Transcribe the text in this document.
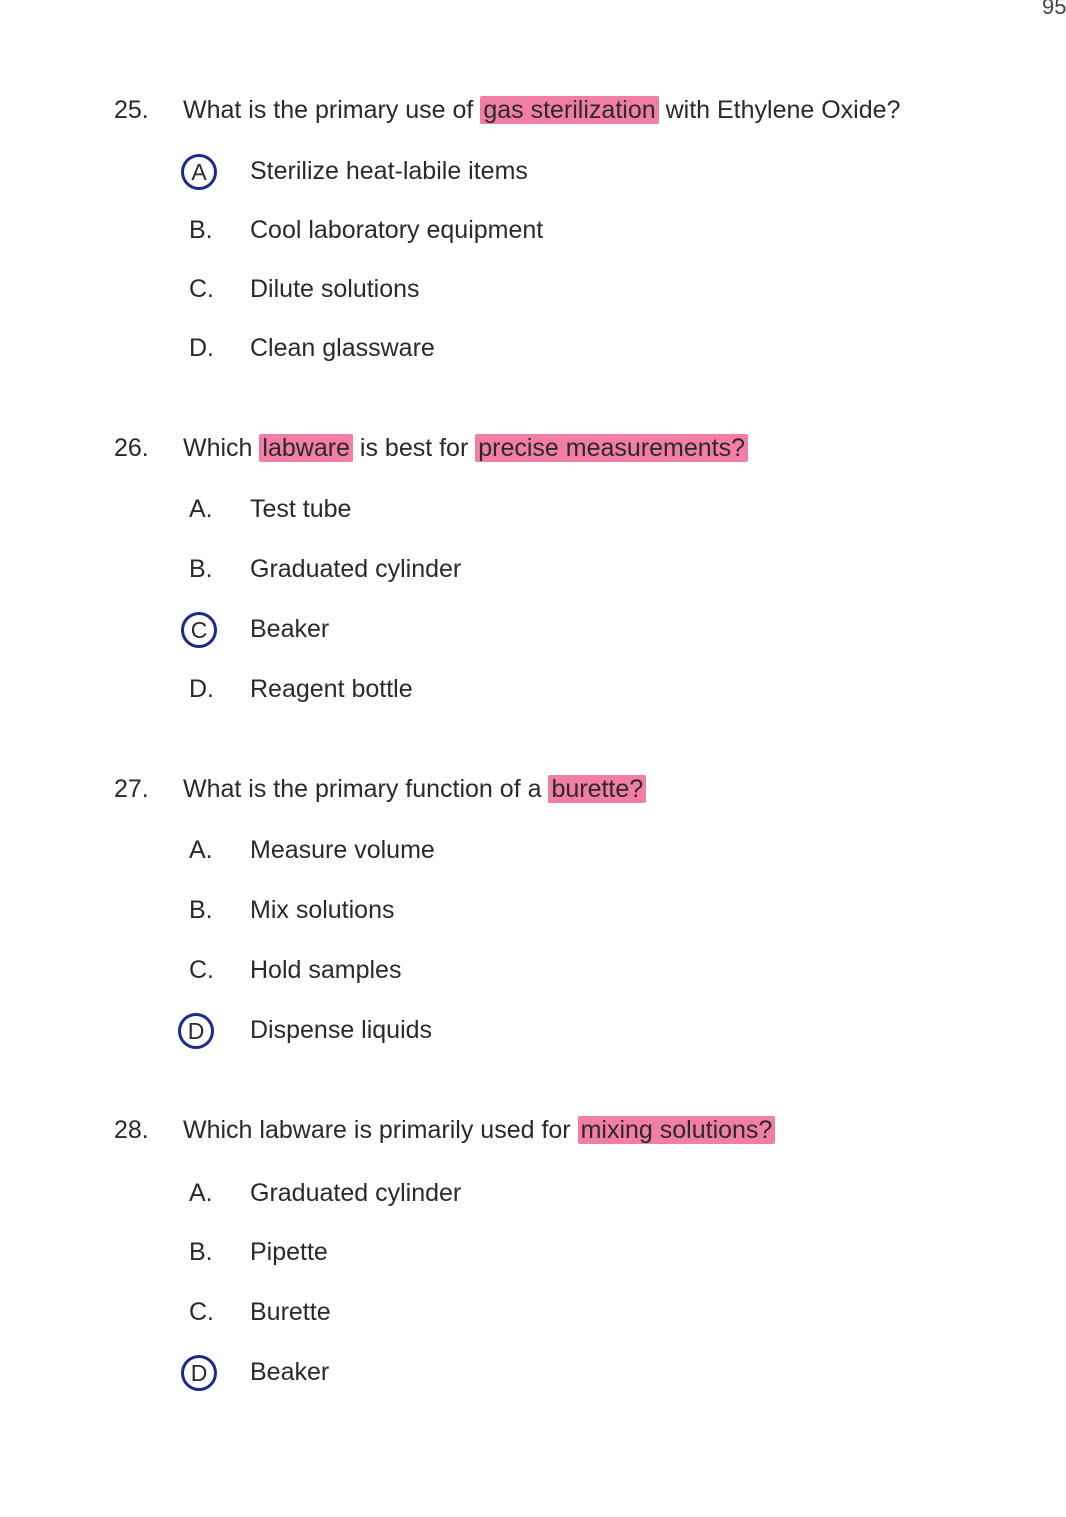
95
25. What is the primary use of gas sterilization with Ethylene Oxide?
A	Sterilize heat-labile items
B. Cool laboratory equipment
C. Dilute solutions
D. Clean glassware
26. Which labware is best for precise measurements?
A. Test tube
B. Graduated cylinder
C	Beaker
D. Reagent bottle
27. What is the primary function of a burette?
A. Measure volume
B. Mix solutions
C. Hold samples
D	Dispense liquids
28. Which labware is primarily used for mixing solutions?
A. Graduated cylinder
B. Pipette
C. Burette
D	Beaker
